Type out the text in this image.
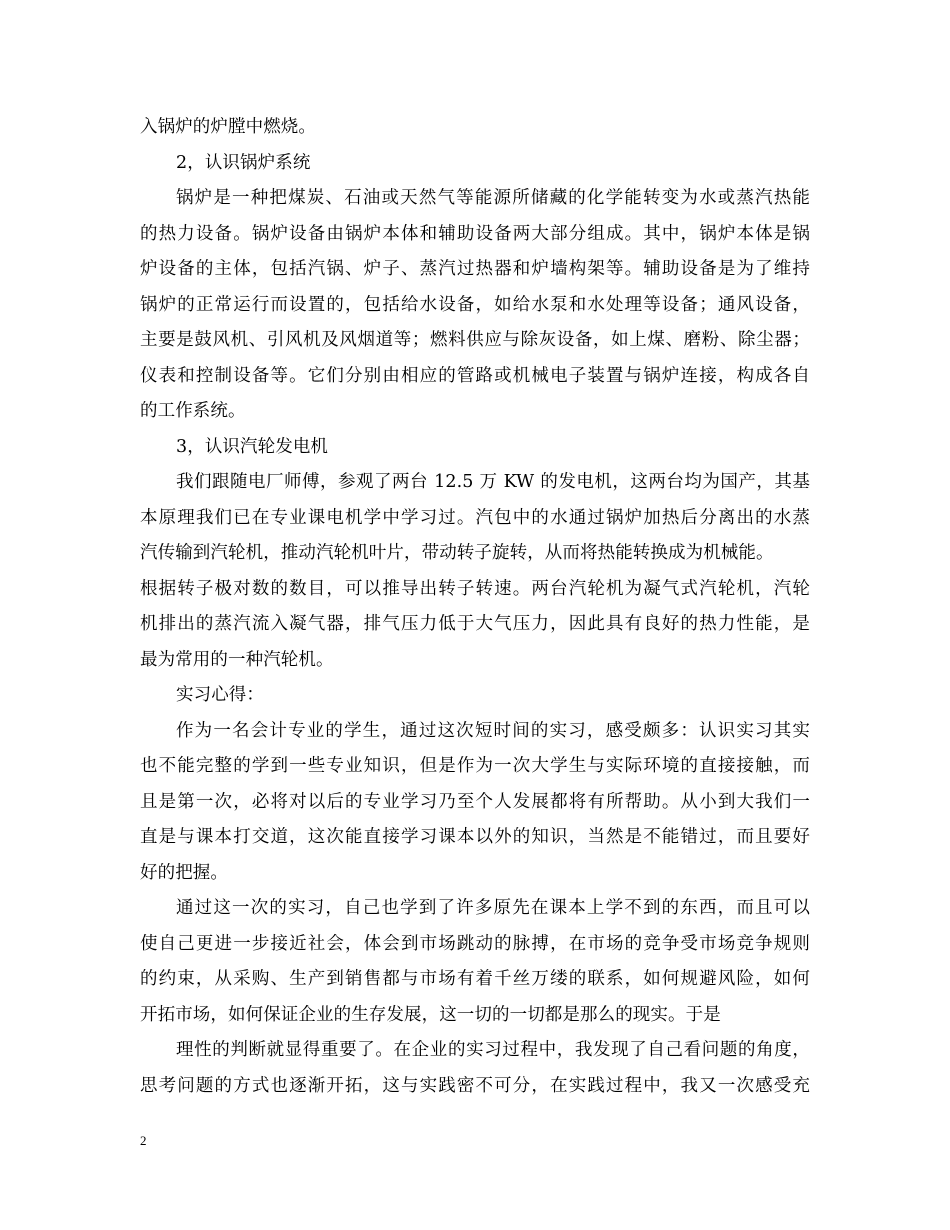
入锅炉的炉膛中燃烧。
2，认识锅炉系统
锅炉是一种把煤炭、石油或天然气等能源所储藏的化学能转变为水或蒸汽热能
的热力设备。锅炉设备由锅炉本体和辅助设备两大部分组成。其中，锅炉本体是锅
炉设备的主体，包括汽锅、炉子、蒸汽过热器和炉墙构架等。辅助设备是为了维持
锅炉的正常运行而设置的，包括给水设备，如给水泵和水处理等设备；通风设备，
主要是鼓风机、引风机及风烟道等；燃料供应与除灰设备，如上煤、磨粉、除尘器；
仪表和控制设备等。它们分别由相应的管路或机械电子装置与锅炉连接，构成各自
的工作系统。
3，认识汽轮发电机
我们跟随电厂师傅，参观了两台 12.5 万 KW 的发电机，这两台均为国产，其基
本原理我们已在专业课电机学中学习过。汽包中的水通过锅炉加热后分离出的水蒸
汽传输到汽轮机，推动汽轮机叶片，带动转子旋转，从而将热能转换成为机械能。
根据转子极对数的数目，可以推导出转子转速。两台汽轮机为凝气式汽轮机，汽轮
机排出的蒸汽流入凝气器，排气压力低于大气压力，因此具有良好的热力性能，是
最为常用的一种汽轮机。
实习心得：
作为一名会计专业的学生，通过这次短时间的实习，感受颇多：认识实习其实
也不能完整的学到一些专业知识，但是作为一次大学生与实际环境的直接接触，而
且是第一次，必将对以后的专业学习乃至个人发展都将有所帮助。从小到大我们一
直是与课本打交道，这次能直接学习课本以外的知识，当然是不能错过，而且要好
好的把握。
通过这一次的实习，自己也学到了许多原先在课本上学不到的东西，而且可以
使自己更进一步接近社会，体会到市场跳动的脉搏，在市场的竞争受市场竞争规则
的约束，从采购、生产到销售都与市场有着千丝万缕的联系，如何规避风险，如何
开拓市场，如何保证企业的生存发展，这一切的一切都是那么的现实。于是
理性的判断就显得重要了。在企业的实习过程中，我发现了自己看问题的角度，
思考问题的方式也逐渐开拓，这与实践密不可分，在实践过程中，我又一次感受充
2
